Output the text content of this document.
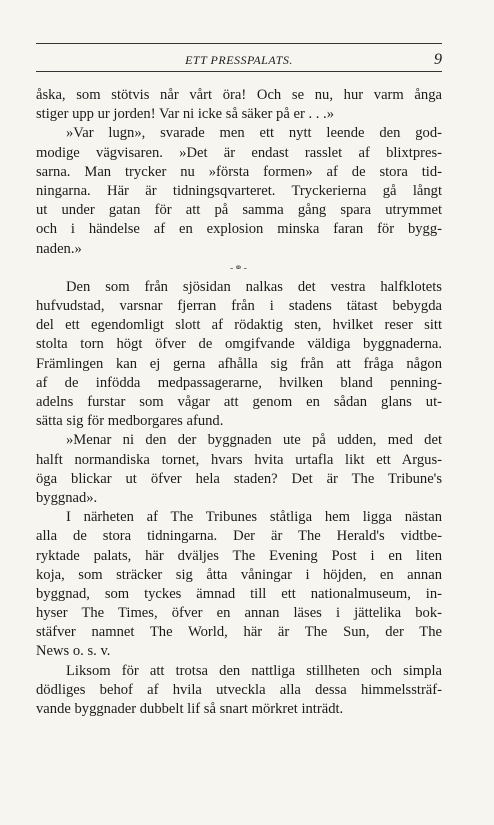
ETT PRESSPALATS.	9
åska, som stötvis når vårt öra! Och se nu, hur varm ånga
stiger upp ur jorden! Var ni icke så säker på er . . .»
»Var lugn», svarade men ett nytt leende den god-
modige vägvisaren. »Det är endast rasslet af blixtpres-
sarna. Man trycker nu »första formen» af de stora tid-
ningarna. Här är tidningsqvarteret. Tryckerierna gå långt
ut under gatan för att på samma gång spara utrymmet
och i händelse af en explosion minska faran för bygg-
naden.»
-⚭-
Den som från sjösidan nalkas det vestra halfklotets
hufvudstad, varsnar fjerran från i stadens tätast bebygda
del ett egendomligt slott af rödaktig sten, hvilket reser sitt
stolta torn högt öfver de omgifvande väldiga byggnaderna.
Främlingen kan ej gerna afhålla sig från att fråga någon
af de infödda medpassagerarne, hvilken bland penning-
adelns furstar som vågar att genom en sådan glans ut-
sätta sig för medborgares afund.
»Menar ni den der byggnaden ute på udden, med det
halft normandiska tornet, hvars hvita urtafla likt ett Argus-
öga blickar ut öfver hela staden? Det är The Tribune's
byggnad».
I närheten af The Tribunes ståtliga hem ligga nästan
alla de stora tidningarna. Der är The Herald's vidtbe-
ryktade palats, här dväljes The Evening Post i en liten
koja, som sträcker sig åtta våningar i höjden, en annan
byggnad, som tyckes ämnad till ett nationalmuseum, in-
hyser The Times, öfver en annan läses i jättelika bok-
stäfver namnet The World, här är The Sun, der The
News o. s. v.
Liksom för att trotsa den nattliga stillheten och simpla
dödliges behof af hvila utveckla alla dessa himmelssträf-
vande byggnader dubbelt lif så snart mörkret inträdt.
